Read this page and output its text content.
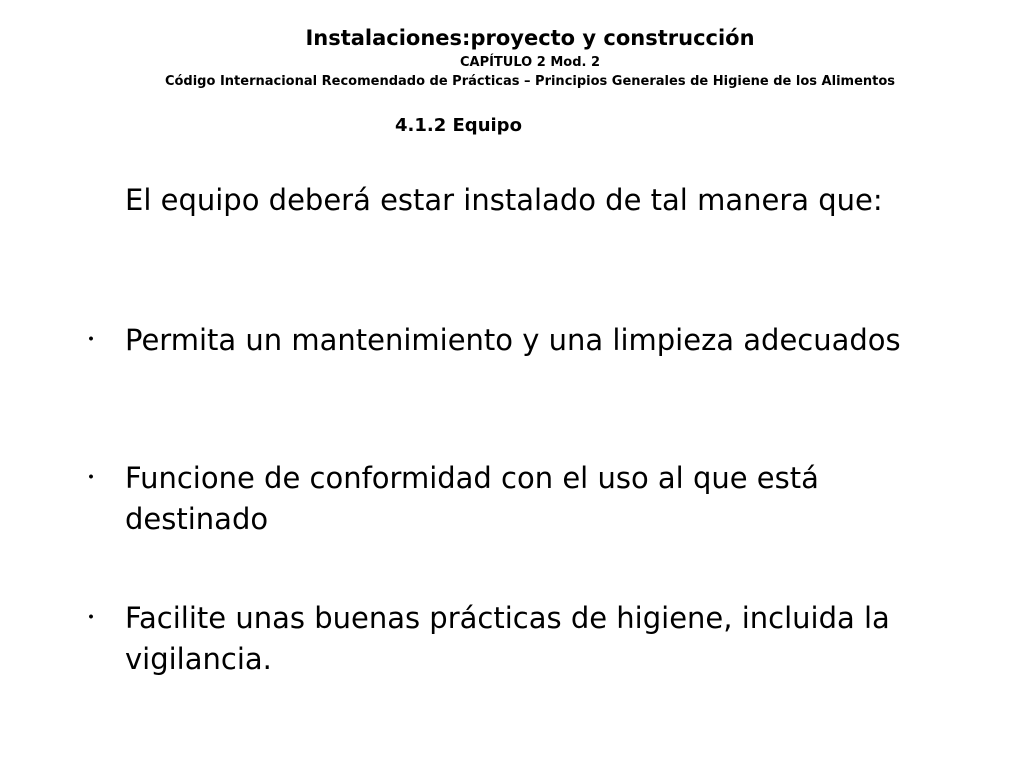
Instalaciones:proyecto y construcción
CAPÍTULO 2 Mod. 2
Código Internacional Recomendado de Prácticas – Principios Generales de Higiene de los Alimentos
4.1.2 Equipo
El equipo deberá estar instalado de tal manera que:
・ Permita un mantenimiento y una limpieza adecuados
・ Funcione de conformidad con el uso al que está destinado
・ Facilite unas buenas prácticas de higiene, incluida la vigilancia.
